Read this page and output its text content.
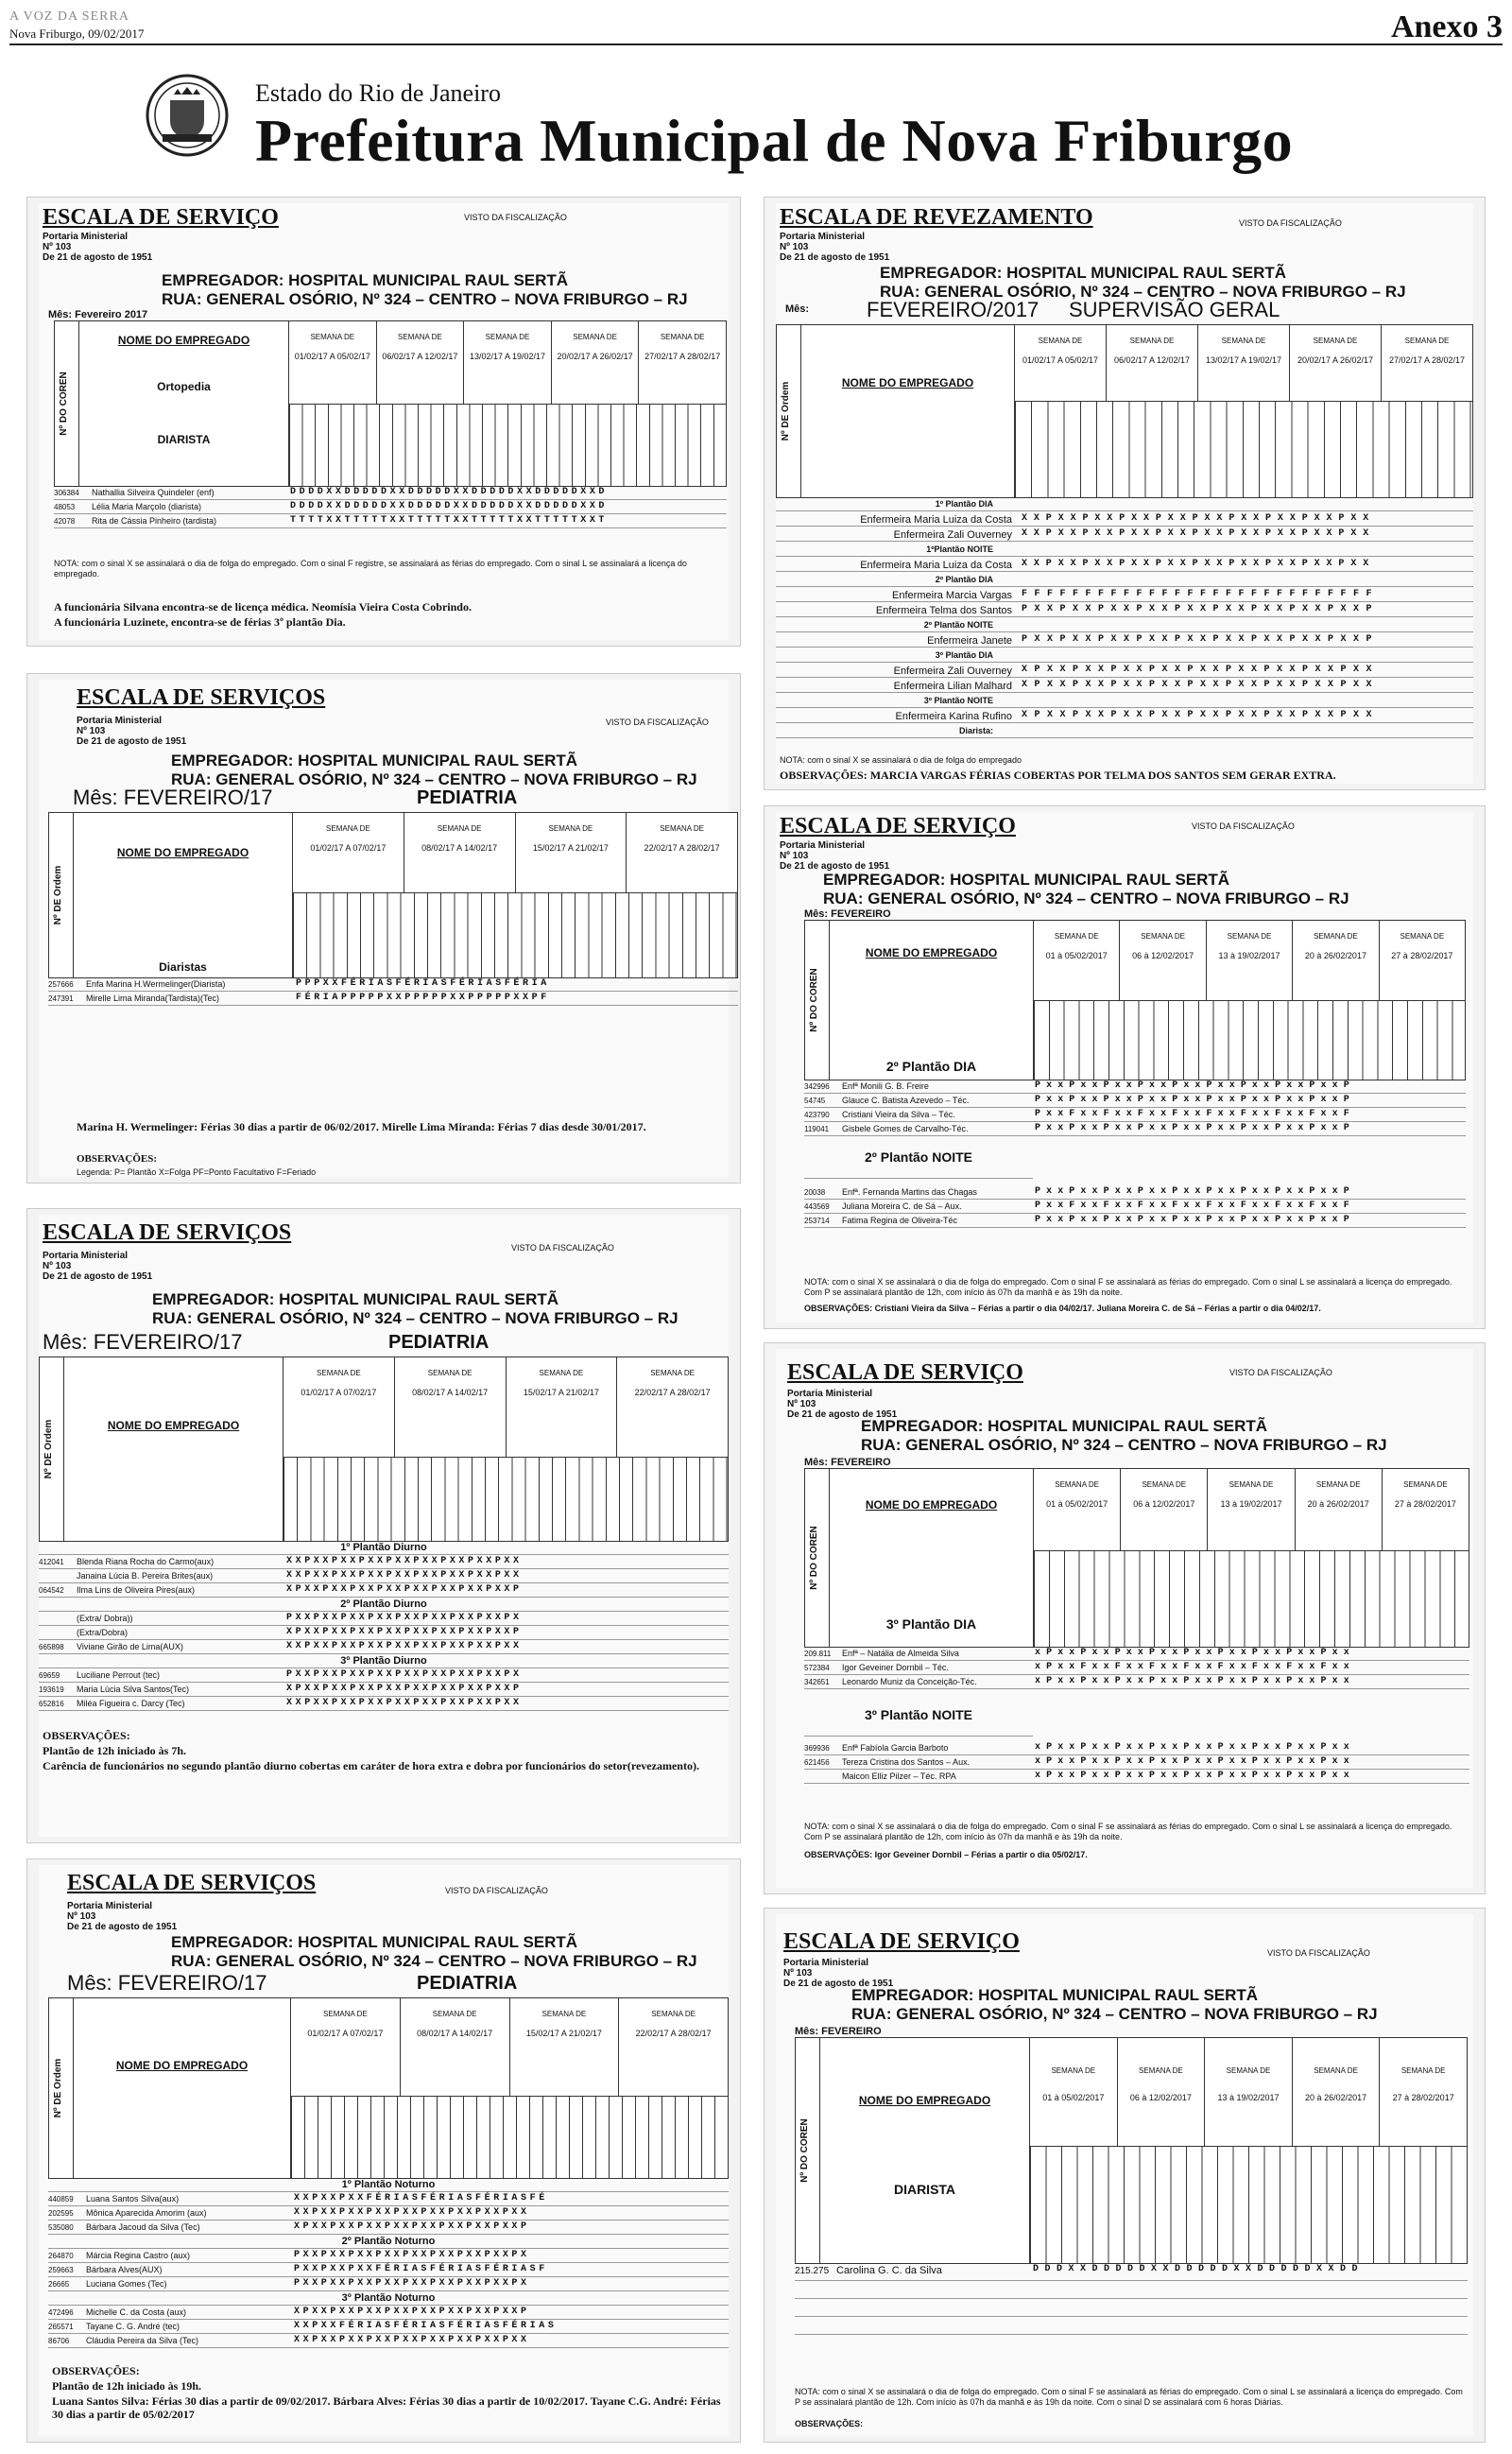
A VOZ DA SERRA
Nova Friburgo, 09/02/2017	Anexo 3
Estado do Rio de Janeiro
Prefeitura Municipal de Nova Friburgo
ESCALA DE SERVIÇO
Portaria Ministerial
Nº 103
De 21 de agosto de 1951
VISTO DA FISCALIZAÇÃO
EMPREGADOR: HOSPITAL MUNICIPAL RAUL SERTÃ
RUA: GENERAL OSÓRIO, Nº 324 – CENTRO – NOVA FRIBURGO – RJ
Mês: Fevereiro 2017
Nº DO COREN
NOME DO EMPREGADO
Ortopedia
DIARISTA
SEMANA DE
01/02/17 A 05/02/17
SEMANA DE
06/02/17 A 12/02/17
SEMANA DE
13/02/17 A 19/02/17
SEMANA DE
20/02/17 A 26/02/17
SEMANA DE
27/02/17 A 28/02/17
306384	Nathallia Silveira Quindeler (enf)	DDDDXXDDDDDXXDDDDDXXDDDDDXXDDDDDXXD
48053	Lélia Maria Marçolo (diarista)	DDDDXXDDDDDXXDDDDDXXDDDDDXXDDDDDXXD
42078	Rita de Cássia Pinheiro (tardista)	TTTTXXTTTTTXXTTTTTXXTTTTTXXTTTTTXXT
NOTA: com o sinal X se assinalará o dia de folga do empregado. Com o sinal F registre, se assinalará as férias do empregado. Com o sinal L se assinalará a licença do empregado.
A funcionária Silvana encontra-se de licença médica. Neomísia Vieira Costa Cobrindo.
A funcionária Luzinete, encontra-se de férias 3º plantão Dia.
ESCALA DE SERVIÇOS
Portaria Ministerial
Nº 103
De 21 de agosto de 1951
VISTO DA FISCALIZAÇÃO
EMPREGADOR: HOSPITAL MUNICIPAL RAUL SERTÃ
RUA: GENERAL OSÓRIO, Nº 324 – CENTRO – NOVA FRIBURGO – RJ
Mês: FEVEREIRO/17	PEDIATRIA
Nº DE Ordem
NOME DO EMPREGADO
Diaristas
SEMANA DE
01/02/17 A 07/02/17
SEMANA DE
08/02/17 A 14/02/17
SEMANA DE
15/02/17 A 21/02/17
SEMANA DE
22/02/17 A 28/02/17
257666	Enfa Marina H.Wermelinger(Diarista)	PPPXXFÉRIASFÉRIASFÉRIASFÉRIA
247391	Mirelle Lima Miranda(Tardista)(Tec)	FÉRIAPPPPPXXPPPPPXXPPPPPXXPF
Marina H. Wermelinger: Férias 30 dias a partir de 06/02/2017. Mirelle Lima Miranda: Férias 7 dias desde 30/01/2017.
OBSERVAÇÕES:
Legenda: P= Plantão X=Folga PF=Ponto Facultativo F=Feriado
ESCALA DE SERVIÇOS
Portaria Ministerial
Nº 103
De 21 de agosto de 1951
VISTO DA FISCALIZAÇÃO
EMPREGADOR: HOSPITAL MUNICIPAL RAUL SERTÃ
RUA: GENERAL OSÓRIO, Nº 324 – CENTRO – NOVA FRIBURGO – RJ
Mês: FEVEREIRO/17	PEDIATRIA
Nº DE Ordem	NOME DO EMPREGADO
SEMANA DE
01/02/17 A 07/02/17
SEMANA DE
08/02/17 A 14/02/17
SEMANA DE
15/02/17 A 21/02/17
SEMANA DE
22/02/17 A 28/02/17
1º Plantão Diurno
412041	Blenda Riana Rocha do Carmo(aux)	XXPXXPXXPXXPXXPXXPXXPXXPXX
Janaina Lúcia B. Pereira Brites(aux)	XXPXXPXXPXXPXXPXXPXXPXXPXX
064542	Ilma Lins de Oliveira Pires(aux)	XPXXPXXPXXPXXPXXPXXPXXPXXP
2º Plantão Diurno
(Extra/ Dobra))	PXXPXXPXXPXXPXXPXXPXXPXXPX
(Extra/Dobra)	XPXXPXXPXXPXXPXXPXXPXXPXXP
665898	Viviane Girão de Lima(AUX)	XXPXXPXXPXXPXXPXXPXXPXXPXX
3º Plantão Diurno
69659	Luciliane Perrout (tec)	PXXPXXPXXPXXPXXPXXPXXPXXPX
193619	Maria Lúcia Silva Santos(Tec)	XPXXPXXPXXPXXPXXPXXPXXPXXP
652816	Miléa Figueira c. Darcy (Tec)	XXPXXPXXPXXPXXPXXPXXPXXPXX
OBSERVAÇÕES:
Plantão de 12h iniciado às 7h.
Carência de funcionários no segundo plantão diurno cobertas em caráter de hora extra e dobra por funcionários do setor(revezamento).
ESCALA DE SERVIÇOS
Portaria Ministerial
Nº 103
De 21 de agosto de 1951
VISTO DA FISCALIZAÇÃO
EMPREGADOR: HOSPITAL MUNICIPAL RAUL SERTÃ
RUA: GENERAL OSÓRIO, Nº 324 – CENTRO – NOVA FRIBURGO – RJ
Mês: FEVEREIRO/17	PEDIATRIA
Nº DE Ordem	NOME DO EMPREGADO
SEMANA DE
01/02/17 A 07/02/17
SEMANA DE
08/02/17 A 14/02/17
SEMANA DE
15/02/17 A 21/02/17
SEMANA DE
22/02/17 A 28/02/17
1º Plantão Noturno
440859	Luana Santos Silva(aux)	XXPXXPXXFÉRIASFÉRIASFÉRIASFÉ
202595	Mônica Aparecida Amorim (aux)	XXPXXPXXPXXPXXPXXPXXPXXPXX
535080	Bárbara Jacoud da Silva (Tec)	XPXXPXXPXXPXXPXXPXXPXXPXXP
2º Plantão Noturno
264870	Márcia Regina Castro (aux)	PXXPXXPXXPXXPXXPXXPXXPXXPX
259663	Bárbara Alves(AUX)	PXXPXXPXXFÉRIASFÉRIASFÉRIASF
26665	Luciana Gomes (Tec)	PXXPXXPXXPXXPXXPXXPXXPXXPX
3º Plantão Noturno
472496	Michelle C. da Costa (aux)	XPXXPXXPXXPXXPXXPXXPXXPXXP
265571	Tayane C. G. André (tec)	XXPXXFÉRIASFÉRIASFÉRIASFÉRIAS
86706	Cláudia Pereira da Silva (Tec)	XXPXXPXXPXXPXXPXXPXXPXXPXX
OBSERVAÇÕES:
Plantão de 12h iniciado às 19h.
Luana Santos Silva: Férias 30 dias a partir de 09/02/2017. Bárbara Alves: Férias 30 dias a partir de 10/02/2017. Tayane C.G. André: Férias 30 dias a partir de 05/02/2017
ESCALA DE REVEZAMENTO
Portaria Ministerial
Nº 103
De 21 de agosto de 1951
VISTO DA FISCALIZAÇÃO
EMPREGADOR: HOSPITAL MUNICIPAL RAUL SERTÃ
RUA: GENERAL OSÓRIO, Nº 324 – CENTRO – NOVA FRIBURGO – RJ
Mês:	FEVEREIRO/2017 SUPERVISÃO GERAL
Nº DE Ordem	NOME DO EMPREGADO
SEMANA DE
01/02/17 A 05/02/17
SEMANA DE
06/02/17 A 12/02/17
SEMANA DE
13/02/17 A 19/02/17
SEMANA DE
20/02/17 A 26/02/17
SEMANA DE
27/02/17 A 28/02/17
1º Plantão DIA
Enfermeira Maria Luiza da Costa XXPXXPXXPXXPXXPXXPXXPXXPXXPXX
Enfermeira Zali Ouverney XXPXXPXXPXXPXXPXXPXXPXXPXXPXX
1ºPlantão NOITE
Enfermeira Maria Luiza da Costa XXPXXPXXPXXPXXPXXPXXPXXPXXPXX
2º Plantão DIA
Enfermeira Marcia Vargas FFFFFFFFFFFFFFFFFFFFFFFFFFFF
Enfermeira Telma dos Santos PXXPXXPXXPXXPXXPXXPXXPXXPXXP
2º Plantão NOITE
Enfermeira Janete PXXPXXPXXPXXPXXPXXPXXPXXPXXP
3º Plantão DIA
Enfermeira Zali Ouverney XPXXPXXPXXPXXPXXPXXPXXPXXPXX
Enfermeira Lilian Malhard XPXXPXXPXXPXXPXXPXXPXXPXXPXX
3º Plantão NOITE
Enfermeira Karina Rufino XPXXPXXPXXPXXPXXPXXPXXPXXPXX
Diarista:
NOTA: com o sinal X se assinalará o dia de folga do empregado
OBSERVAÇÕES: MARCIA VARGAS FÉRIAS COBERTAS POR TELMA DOS SANTOS SEM GERAR EXTRA.
ESCALA DE SERVIÇO
Portaria Ministerial
Nº 103
De 21 de agosto de 1951
VISTO DA FISCALIZAÇÃO
EMPREGADOR: HOSPITAL MUNICIPAL RAUL SERTÃ
RUA: GENERAL OSÓRIO, Nº 324 – CENTRO – NOVA FRIBURGO – RJ
Mês: FEVEREIRO
Nº DO COREN
NOME DO EMPREGADO
2º Plantão DIA
SEMANA DE
01 à 05/02/2017
SEMANA DE
06 à 12/02/2017
SEMANA DE
13 à 19/02/2017
SEMANA DE
20 à 26/02/2017
SEMANA DE
27 à 28/02/2017
342996	Enfª Monili G. B. Freire	PxxPxxPxxPxxPxxPxxPxxPxxPxxP
54745	Glauce C. Batista Azevedo – Téc.	PxxPxxPxxPxxPxxPxxPxxPxxPxxP
423790	Cristiani Vieira da Silva – Téc.	PxxFxxFxxFxxFxxFxxFxxFxxFxxF
119041	Gisbele Gomes de Carvalho-Téc.	PxxPxxPxxPxxPxxPxxPxxPxxPxxP
2º Plantão NOITE
20038	Enfª. Fernanda Martins das Chagas	PxxPxxPxxPxxPxxPxxPxxPxxPxxP
443569	Juliana Moreira C. de Sá – Aux.	PxxFxxFxxFxxFxxFxxFxxFxxFxxF
253714	Fatima Regina de Oliveira-Téc	PxxPxxPxxPxxPxxPxxPxxPxxPxxP
NOTA: com o sinal X se assinalará o dia de folga do empregado. Com o sinal F se assinalará as férias do empregado. Com o sinal L se assinalará a licença do empregado. Com P se assinalará plantão de 12h, com início às 07h da manhã e às 19h da noite.
OBSERVAÇÕES: Cristiani Vieira da Silva – Férias a partir o dia 04/02/17. Juliana Moreira C. de Sá – Férias a partir o dia 04/02/17.
ESCALA DE SERVIÇO
Portaria Ministerial
Nº 103
De 21 de agosto de 1951
VISTO DA FISCALIZAÇÃO
EMPREGADOR: HOSPITAL MUNICIPAL RAUL SERTÃ
RUA: GENERAL OSÓRIO, Nº 324 – CENTRO – NOVA FRIBURGO – RJ
Mês: FEVEREIRO
Nº DO COREN
NOME DO EMPREGADO
3º Plantão DIA
SEMANA DE
01 à 05/02/2017
SEMANA DE
06 à 12/02/2017
SEMANA DE
13 à 19/02/2017
SEMANA DE
20 à 26/02/2017
SEMANA DE
27 à 28/02/2017
209.811	Enfª – Natália de Almeida Silva	xPxxPxxPxxPxxPxxPxxPxxPxxPxx
572384	Igor Geveiner Dornbil – Téc.	xPxxFxxFxxFxxFxxFxxFxxFxxFxx
342651	Leonardo Muniz da Conceição-Téc.	xPxxPxxPxxPxxPxxPxxPxxPxxPxx
3º Plantão NOITE
369936	Enfª Fabíola Garcia Barboto	xPxxPxxPxxPxxPxxPxxPxxPxxPxx
621456	Tereza Cristina dos Santos – Aux.	xPxxPxxPxxPxxPxxPxxPxxPxxPxx
Maicon Elliz Pilzer – Téc. RPA	xPxxPxxPxxPxxPxxPxxPxxPxxPxx
NOTA: com o sinal X se assinalará o dia de folga do empregado. Com o sinal F se assinalará as férias do empregado. Com o sinal L se assinalará a licença do empregado. Com P se assinalará plantão de 12h, com início às 07h da manhã e às 19h da noite.
OBSERVAÇÕES: Igor Geveiner Dornbil – Férias a partir o dia 05/02/17.
ESCALA DE SERVIÇO
Portaria Ministerial
Nº 103
De 21 de agosto de 1951
VISTO DA FISCALIZAÇÃO
EMPREGADOR: HOSPITAL MUNICIPAL RAUL SERTÃ
RUA: GENERAL OSÓRIO, Nº 324 – CENTRO – NOVA FRIBURGO – RJ
Mês: FEVEREIRO
Nº DO COREN
NOME DO EMPREGADO
DIARISTA
SEMANA DE
01 à 05/02/2017
SEMANA DE
06 à 12/02/2017
SEMANA DE
13 à 19/02/2017
SEMANA DE
20 à 26/02/2017
SEMANA DE
27 à 28/02/2017
215.275 Carolina G. C. da Silva	DDDXXDDDDDXXDDDDDXXDDDDDXXDD
NOTA: com o sinal X se assinalará o dia de folga do empregado. Com o sinal F se assinalará as férias do empregado. Com o sinal L se assinalará a licença do empregado. Com P se assinalará plantão de 12h. Com início às 07h da manhã e às 19h da noite. Com o sinal D se assinalará com 6 horas Diárias.
OBSERVAÇÕES:
